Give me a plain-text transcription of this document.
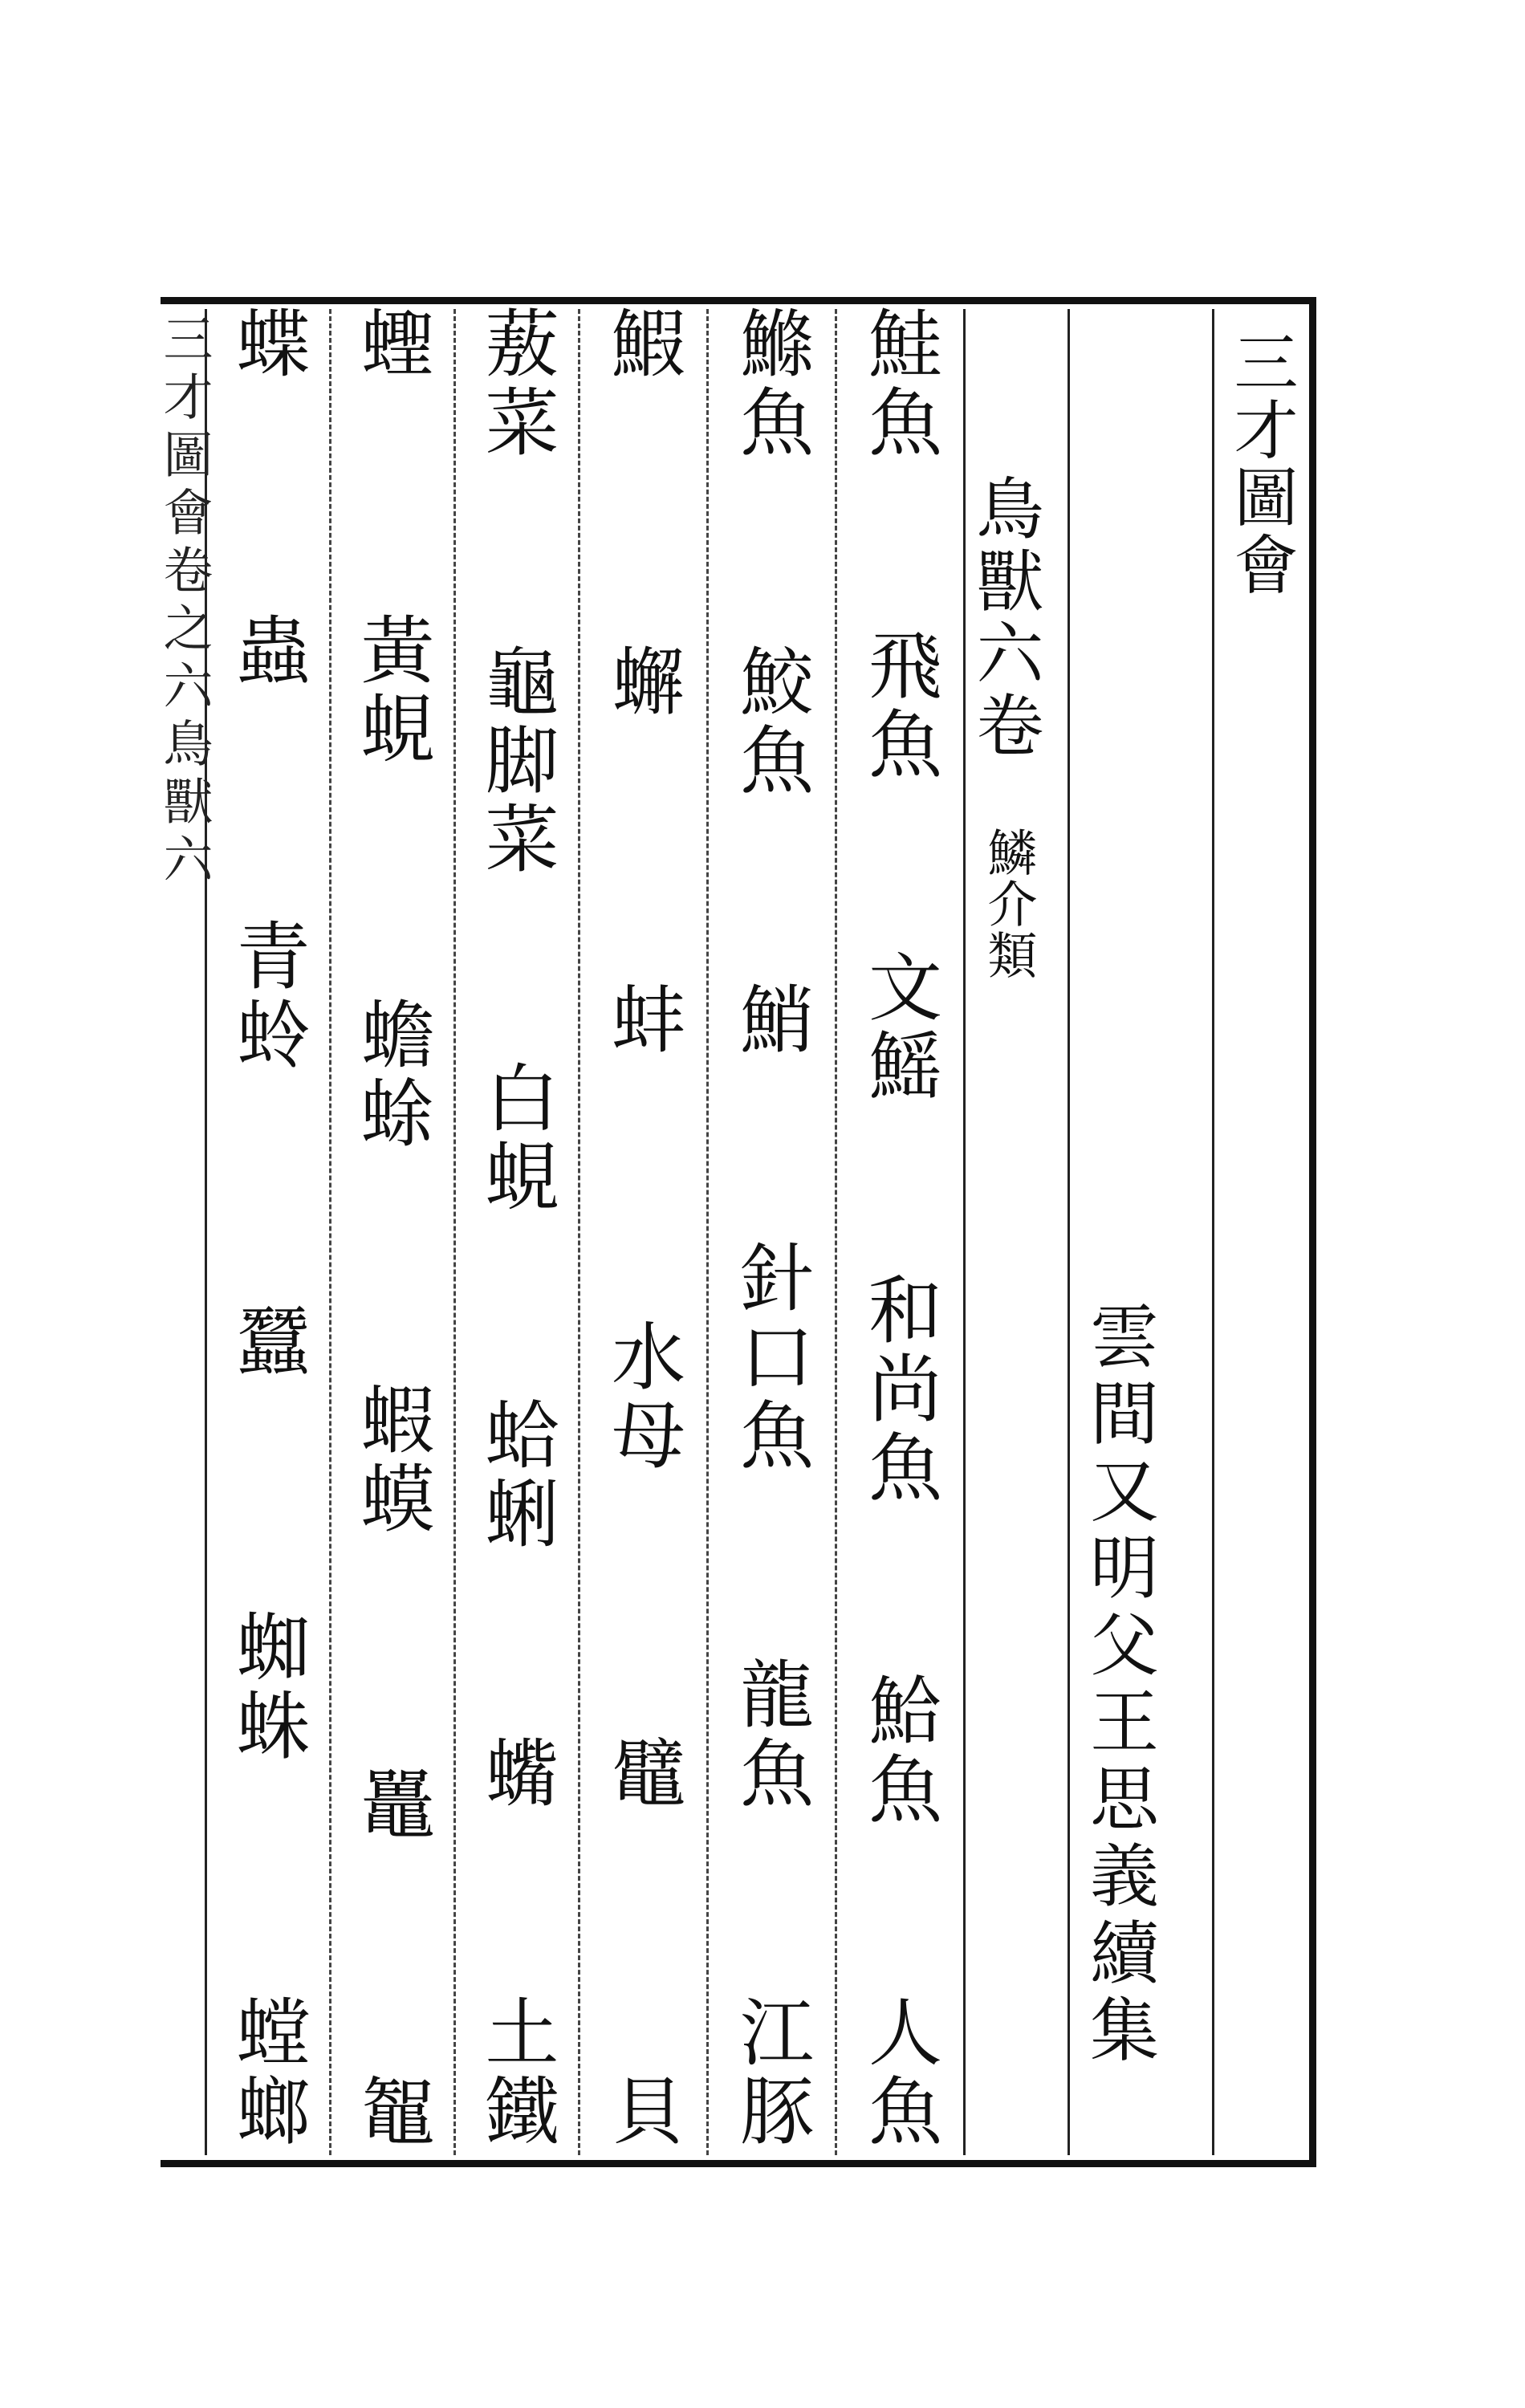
三才圖會
雲間又明父王思義續集
鳥獸六卷
鱗介類
鮭魚
飛魚
文鰩
和尚魚
鮯魚
人魚
鰷魚
鮫魚
鮹
針口魚
龍魚
江豚
鰕
蠏
蚌
水母
鼊
貝
蔜菜
龜脚菜
白蜆
蛤蜊
蟕
土鐵
蟶
黃蜆
蟾蜍
蝦蟆
鼉
鼅
蝶
蟲
青蛉
蠶
蜘蛛
螳螂
三才圖會卷之六鳥獸六
